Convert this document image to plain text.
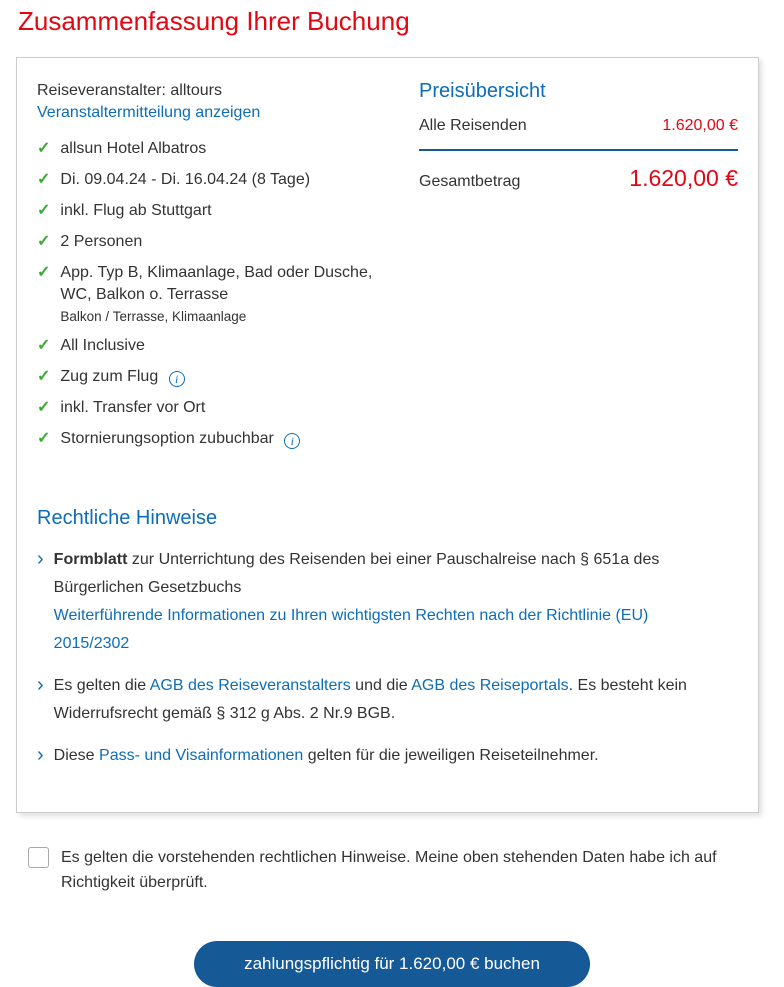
Zusammenfassung Ihrer Buchung
Reiseveranstalter: alltours
Veranstaltermitteilung anzeigen
✓ allsun Hotel Albatros
✓ Di. 09.04.24 - Di. 16.04.24 (8 Tage)
✓ inkl. Flug ab Stuttgart
✓ 2 Personen
✓ App. Typ B, Klimaanlage, Bad oder Dusche, WC, Balkon o. Terrasse
Balkon / Terrasse, Klimaanlage
✓ All Inclusive
✓ Zug zum Flug i
✓ inkl. Transfer vor Ort
✓ Stornierungsoption zubuchbar i
Preisübersicht
Alle Reisenden	1.620,00 €
Gesamtbetrag	1.620,00 €
Rechtliche Hinweise
› Formblatt zur Unterrichtung des Reisenden bei einer Pauschalreise nach § 651a des Bürgerlichen Gesetzbuchs
Weiterführende Informationen zu Ihren wichtigsten Rechten nach der Richtlinie (EU) 2015/2302

› Es gelten die AGB des Reiseveranstalters und die AGB des Reiseportals. Es besteht kein Widerrufsrecht gemäß § 312 g Abs. 2 Nr.9 BGB.

› Diese Pass- und Visainformationen gelten für die jeweiligen Reiseteilnehmer.

Es gelten die vorstehenden rechtlichen Hinweise. Meine oben stehenden Daten habe ich auf Richtigkeit überprüft.
zahlungspflichtig für 1.620,00 € buchen
